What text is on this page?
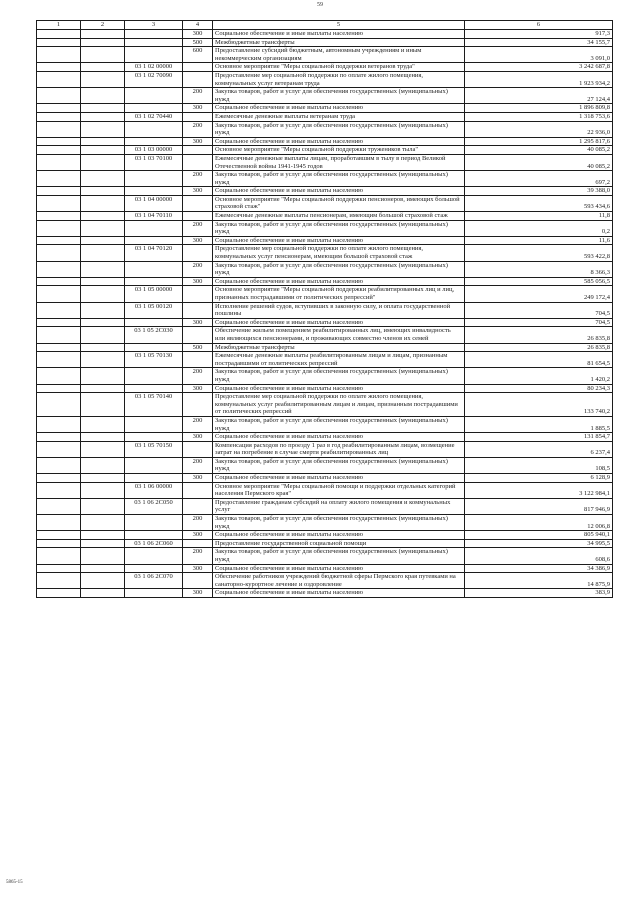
59
1	2	3	4	5	6
			300	Социальное обеспечение и иные выплаты населению	917,3
			500	Межбюджетные трансферты	34 155,7
			600	Предоставление субсидий бюджетным, автономным учреждениям и иным некоммерческим организациям	3 091,0
		03 1 02 00000		Основное мероприятие "Меры социальной поддержки ветеранов труда"	3 242 687,8
		03 1 02 70090		Предоставление мер социальной поддержки по оплате жилого помещения, коммунальных услуг ветеранам труда	1 923 934,2
			200	Закупка товаров, работ и услуг для обеспечения государственных (муниципальных) нужд	27 124,4
			300	Социальное обеспечение и иные выплаты населению	1 896 809,8
		03 1 02 70440		Ежемесячные денежные выплаты ветеранам труда	1 318 753,6
			200	Закупка товаров, работ и услуг для обеспечения государственных (муниципальных) нужд	22 936,0
			300	Социальное обеспечение и иные выплаты населению	1 295 817,6
		03 1 03 00000		Основное мероприятие "Меры социальной поддержки тружеников тыла"	40 085,2
		03 1 03 70100		Ежемесячные денежные выплаты лицам, проработавшим в тылу в период Великой Отечественной войны 1941-1945 годов	40 085,2
			200	Закупка товаров, работ и услуг для обеспечения государственных (муниципальных) нужд	697,2
			300	Социальное обеспечение и иные выплаты населению	39 388,0
		03 1 04 00000		Основное мероприятие "Меры социальной поддержки пенсионеров, имеющих большой страховой стаж"	593 434,6
		03 1 04 70110		Ежемесячные денежные выплаты пенсионерам, имеющим большой страховой стаж	11,8
			200	Закупка товаров, работ и услуг для обеспечения государственных (муниципальных) нужд	0,2
			300	Социальное обеспечение и иные выплаты населению	11,6
		03 1 04 70120		Предоставление мер социальной поддержки по оплате жилого помещения, коммунальных услуг пенсионерам, имеющим большой страховой стаж	593 422,8
			200	Закупка товаров, работ и услуг для обеспечения государственных (муниципальных) нужд	8 366,3
			300	Социальное обеспечение и иные выплаты населению	585 056,5
		03 1 05 00000		Основное мероприятие "Меры социальной поддержки реабилитированных лиц и лиц, признанных пострадавшими от политических репрессий"	249 172,4
		03 1 05 00120		Исполнение решений судов, вступивших в законную силу, и оплата государственной пошлины	704,5
			300	Социальное обеспечение и иные выплаты населению	704,5
		03 1 05 2С030		Обеспечение жильем помещением реабилитированных лиц, имеющих инвалидность или являющихся пенсионерами, и проживающих совместно членов их семей	26 835,8
			500	Межбюджетные трансферты	26 835,8
		03 1 05 70130		Ежемесячные денежные выплаты реабилитированным лицам и лицам, признанным пострадавшими от политических репрессий	81 654,5
			200	Закупка товаров, работ и услуг для обеспечения государственных (муниципальных) нужд	1 420,2
			300	Социальное обеспечение и иные выплаты населению	80 234,3
		03 1 05 70140		Предоставление мер социальной поддержки по оплате жилого помещения, коммунальных услуг реабилитированным лицам и лицам, признанным пострадавшими от политических репрессий	133 740,2
			200	Закупка товаров, работ и услуг для обеспечения государственных (муниципальных) нужд	1 885,5
			300	Социальное обеспечение и иные выплаты населению	131 854,7
		03 1 05 70150		Компенсация расходов по проезду 1 раз в год реабилитированным лицам, возмещение затрат на погребение в случае смерти реабилитированных лиц	6 237,4
			200	Закупка товаров, работ и услуг для обеспечения государственных (муниципальных) нужд	108,5
			300	Социальное обеспечение и иные выплаты населению	6 128,9
		03 1 06 00000		Основное мероприятие "Меры социальной помощи и поддержки отдельных категорий населения Пермского края"	3 122 984,1
		03 1 06 2С050		Предоставление гражданам субсидий на оплату жилого помещения и коммунальных услуг	817 946,9
			200	Закупка товаров, работ и услуг для обеспечения государственных (муниципальных) нужд	12 006,8
			300	Социальное обеспечение и иные выплаты населению	805 940,1
		03 1 06 2С060		Предоставление государственной социальной помощи	34 995,5
			200	Закупка товаров, работ и услуг для обеспечения государственных (муниципальных) нужд	608,6
			300	Социальное обеспечение и иные выплаты населению	34 386,9
		03 1 06 2С070		Обеспечение работников учреждений бюджетной сферы Пермского края путевками на санаторно-курортное лечение и оздоровление	14 875,9
			300	Социальное обеспечение и иные выплаты населению	383,9
5865-15
